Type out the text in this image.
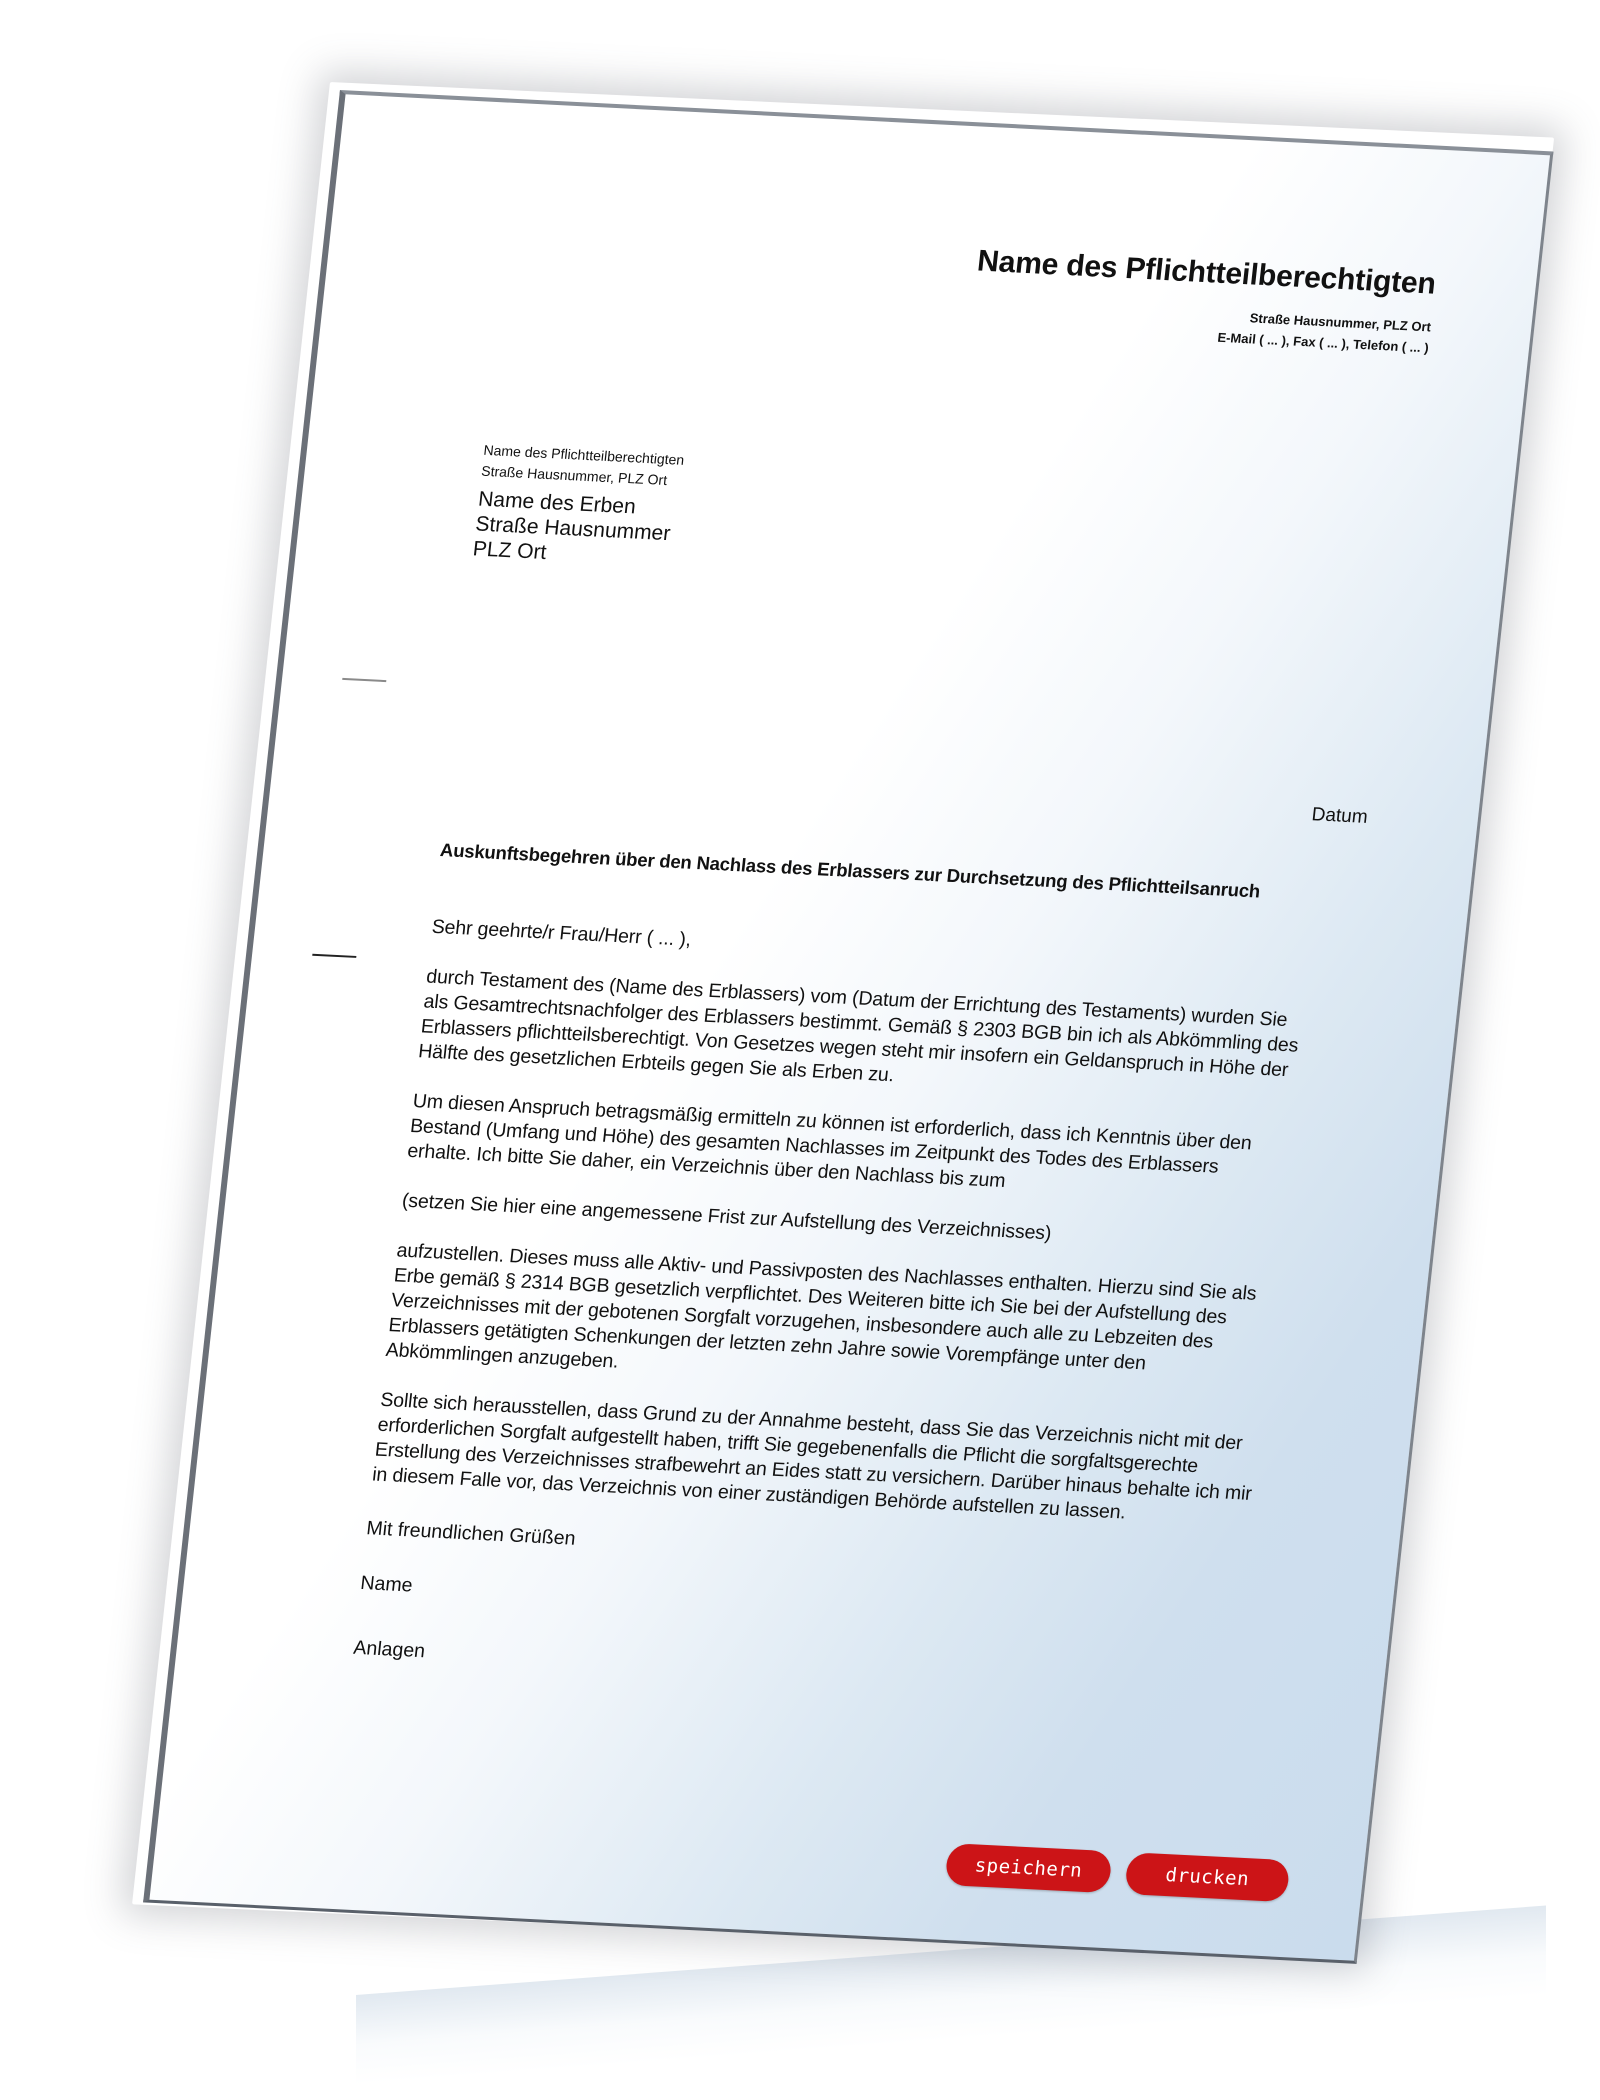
Name des Pflichtteilberechtigten
Straße Hausnummer, PLZ Ort
E-Mail ( ... ), Fax ( ... ), Telefon ( ... )
Name des Pflichtteilberechtigten
Straße Hausnummer, PLZ Ort
Name des Erben
Straße Hausnummer
PLZ Ort
Datum
Auskunftsbegehren über den Nachlass des Erblassers zur Durchsetzung des Pflichtteilsanruch

Sehr geehrte/r Frau/Herr ( ... ),

durch Testament des (Name des Erblassers) vom (Datum der Errichtung des Testaments) wurden Sie
als Gesamtrechtsnachfolger des Erblassers bestimmt. Gemäß § 2303 BGB bin ich als Abkömmling des
Erblassers pflichtteilsberechtigt. Von Gesetzes wegen steht mir insofern ein Geldanspruch in Höhe der
Hälfte des gesetzlichen Erbteils gegen Sie als Erben zu.

Um diesen Anspruch betragsmäßig ermitteln zu können ist erforderlich, dass ich Kenntnis über den
Bestand (Umfang und Höhe) des gesamten Nachlasses im Zeitpunkt des Todes des Erblassers
erhalte. Ich bitte Sie daher, ein Verzeichnis über den Nachlass bis zum

(setzen Sie hier eine angemessene Frist zur Aufstellung des Verzeichnisses)

aufzustellen. Dieses muss alle Aktiv- und Passivposten des Nachlasses enthalten. Hierzu sind Sie als
Erbe gemäß § 2314 BGB gesetzlich verpflichtet. Des Weiteren bitte ich Sie bei der Aufstellung des
Verzeichnisses mit der gebotenen Sorgfalt vorzugehen, insbesondere auch alle zu Lebzeiten des
Erblassers getätigten Schenkungen der letzten zehn Jahre sowie Vorempfänge unter den
Abkömmlingen anzugeben.

Sollte sich herausstellen, dass Grund zu der Annahme besteht, dass Sie das Verzeichnis nicht mit der
erforderlichen Sorgfalt aufgestellt haben, trifft Sie gegebenenfalls die Pflicht die sorgfaltsgerechte
Erstellung des Verzeichnisses strafbewehrt an Eides statt zu versichern. Darüber hinaus behalte ich mir
in diesem Falle vor, das Verzeichnis von einer zuständigen Behörde aufstellen zu lassen.

Mit freundlichen Grüßen
Name
Anlagen
speichern	drucken
